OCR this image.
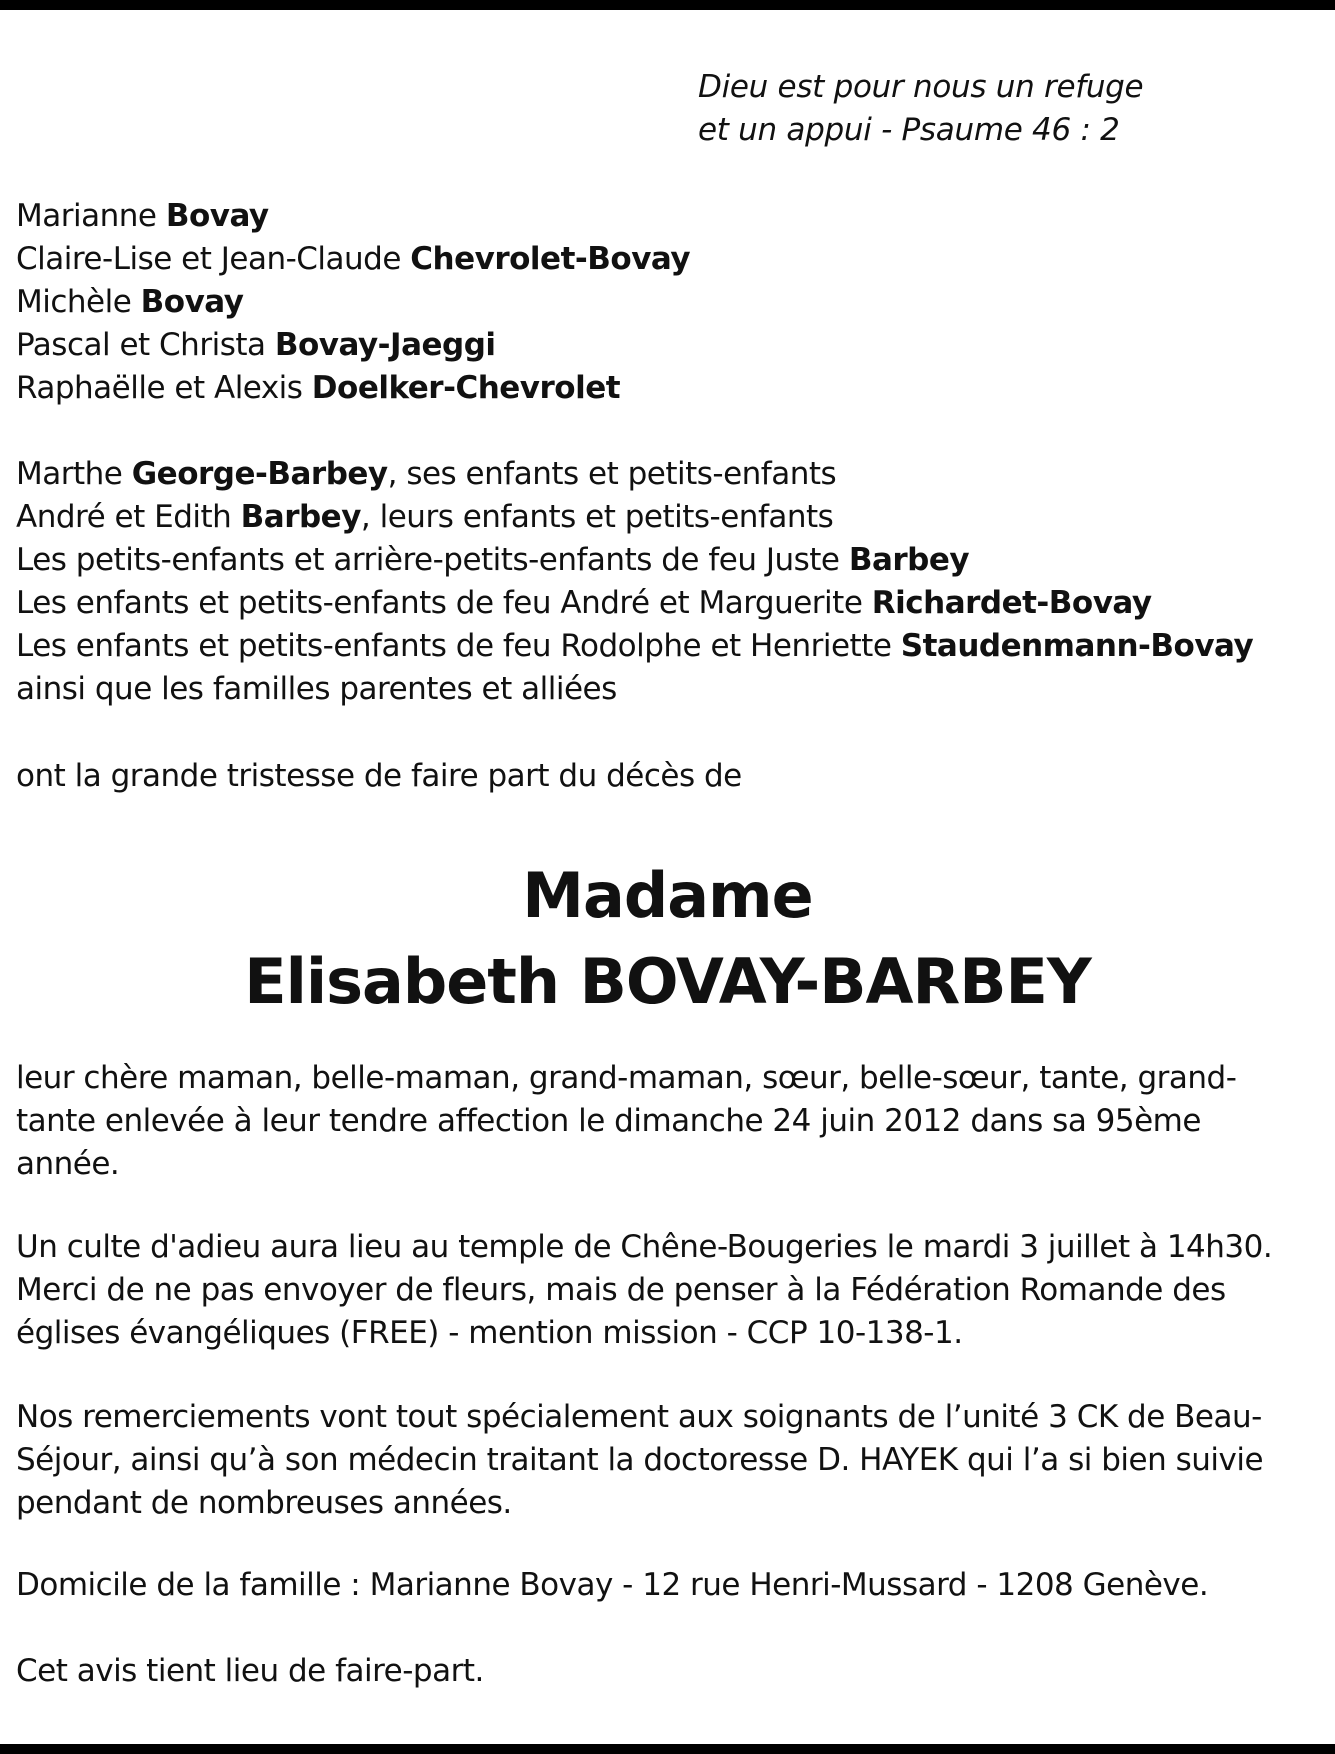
Dieu est pour nous un refuge
et un appui - Psaume 46 : 2
Marianne Bovay
Claire-Lise et Jean-Claude Chevrolet-Bovay
Michèle Bovay
Pascal et Christa Bovay-Jaeggi
Raphaëlle et Alexis Doelker-Chevrolet
Marthe George-Barbey, ses enfants et petits-enfants
André et Edith Barbey, leurs enfants et petits-enfants
Les petits-enfants et arrière-petits-enfants de feu Juste Barbey
Les enfants et petits-enfants de feu André et Marguerite Richardet-Bovay
Les enfants et petits-enfants de feu Rodolphe et Henriette Staudenmann-Bovay
ainsi que les familles parentes et alliées
ont la grande tristesse de faire part du décès de
Madame
Elisabeth BOVAY-BARBEY
leur chère maman, belle-maman, grand-maman, sœur, belle-sœur, tante, grand-
tante enlevée à leur tendre affection le dimanche 24 juin 2012 dans sa 95ème
année.
Un culte d'adieu aura lieu au temple de Chêne-Bougeries le mardi 3 juillet à 14h30.
Merci de ne pas envoyer de fleurs, mais de penser à la Fédération Romande des
églises évangéliques (FREE) - mention mission - CCP 10-138-1.
Nos remerciements vont tout spécialement aux soignants de l’unité 3 CK de Beau-
Séjour, ainsi qu’à son médecin traitant la doctoresse D. HAYEK qui l’a si bien suivie
pendant de nombreuses années.
Domicile de la famille : Marianne Bovay - 12 rue Henri-Mussard - 1208 Genève.
Cet avis tient lieu de faire-part.
